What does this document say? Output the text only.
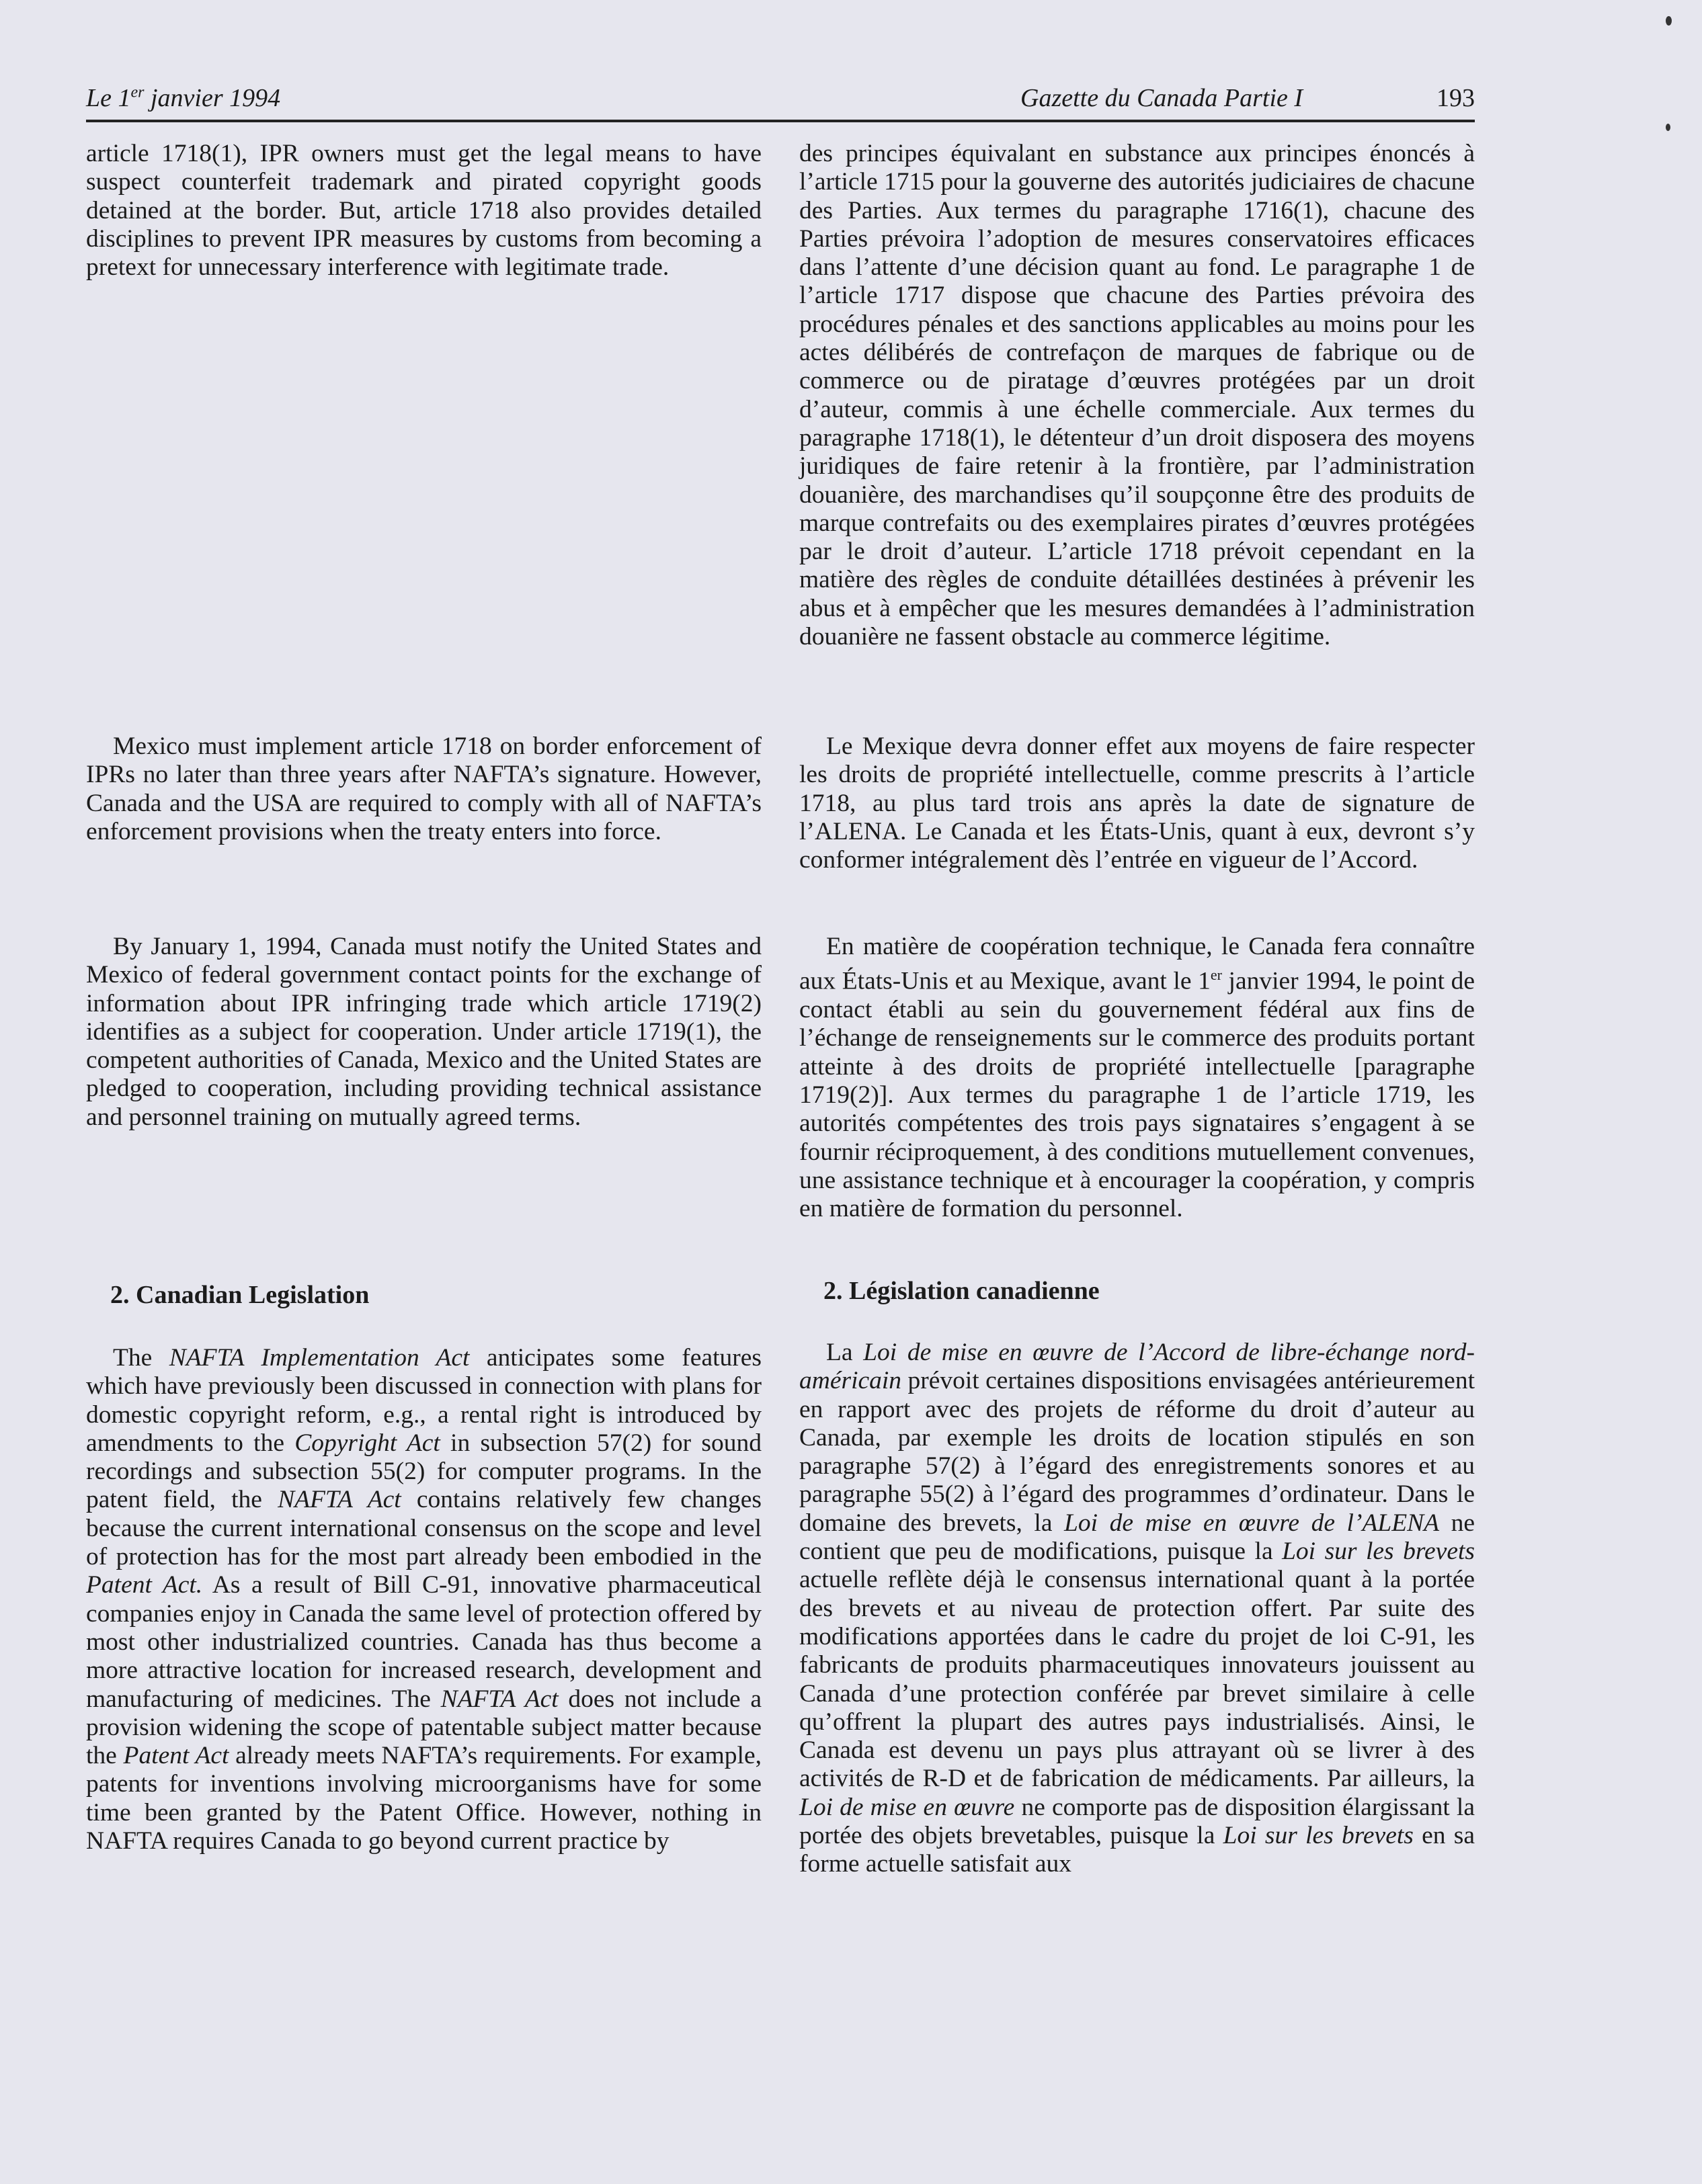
Le 1er janvier 1994	Gazette du Canada Partie I	193

article 1718(1), IPR owners must get the legal means to have suspect counterfeit trademark and pirated copyright goods detained at the border. But, article 1718 also provides detailed disciplines to prevent IPR measures by customs from becoming a pretext for unnecessary interference with legitimate trade.

Mexico must implement article 1718 on border enforcement of IPRs no later than three years after NAFTA’s signature. However, Canada and the USA are required to comply with all of NAFTA’s enforcement provisions when the treaty enters into force.

By January 1, 1994, Canada must notify the United States and Mexico of federal government contact points for the exchange of information about IPR infringing trade which article 1719(2) identifies as a subject for cooperation. Under article 1719(1), the competent authorities of Canada, Mexico and the United States are pledged to cooperation, including providing technical assistance and personnel training on mutually agreed terms.

2. Canadian Legislation

The NAFTA Implementation Act anticipates some features which have previously been discussed in connection with plans for domestic copyright reform, e.g., a rental right is introduced by amendments to the Copyright Act in subsection 57(2) for sound recordings and subsection 55(2) for computer programs. In the patent field, the NAFTA Act contains relatively few changes because the current international consensus on the scope and level of protection has for the most part already been embodied in the Patent Act. As a result of Bill C-91, innovative pharmaceutical companies enjoy in Canada the same level of protection offered by most other industrialized countries. Canada has thus become a more attractive location for increased research, development and manufacturing of medicines. The NAFTA Act does not include a provision widening the scope of patentable subject matter because the Patent Act already meets NAFTA’s requirements. For example, patents for inventions involving microorganisms have for some time been granted by the Patent Office. However, nothing in NAFTA requires Canada to go beyond current practice by

des principes équivalant en substance aux principes énoncés à l’article 1715 pour la gouverne des autorités judiciaires de chacune des Parties. Aux termes du paragraphe 1716(1), chacune des Parties prévoira l’adoption de mesures conservatoires efficaces dans l’attente d’une décision quant au fond. Le paragraphe 1 de l’article 1717 dispose que chacune des Parties prévoira des procédures pénales et des sanctions applicables au moins pour les actes délibérés de contrefaçon de marques de fabrique ou de commerce ou de piratage d’œuvres protégées par un droit d’auteur, commis à une échelle commerciale. Aux termes du paragraphe 1718(1), le détenteur d’un droit disposera des moyens juridiques de faire retenir à la frontière, par l’administration douanière, des marchandises qu’il soupçonne être des produits de marque contrefaits ou des exemplaires pirates d’œuvres protégées par le droit d’auteur. L’article 1718 prévoit cependant en la matière des règles de conduite détaillées destinées à prévenir les abus et à empêcher que les mesures demandées à l’administration douanière ne fassent obstacle au commerce légitime.

Le Mexique devra donner effet aux moyens de faire respecter les droits de propriété intellectuelle, comme prescrits à l’article 1718, au plus tard trois ans après la date de signature de l’ALENA. Le Canada et les États-Unis, quant à eux, devront s’y conformer intégralement dès l’entrée en vigueur de l’Accord.

En matière de coopération technique, le Canada fera connaître aux États-Unis et au Mexique, avant le 1er janvier 1994, le point de contact établi au sein du gouvernement fédéral aux fins de l’échange de renseignements sur le commerce des produits portant atteinte à des droits de propriété intellectuelle [paragraphe 1719(2)]. Aux termes du paragraphe 1 de l’article 1719, les autorités compétentes des trois pays signataires s’engagent à se fournir réciproquement, à des conditions mutuellement convenues, une assistance technique et à encourager la coopération, y compris en matière de formation du personnel.

2. Législation canadienne

La Loi de mise en œuvre de l’Accord de libre-échange nord-américain prévoit certaines dispositions envisagées antérieurement en rapport avec des projets de réforme du droit d’auteur au Canada, par exemple les droits de location stipulés en son paragraphe 57(2) à l’égard des enregistrements sonores et au paragraphe 55(2) à l’égard des programmes d’ordinateur. Dans le domaine des brevets, la Loi de mise en œuvre de l’ALENA ne contient que peu de modifications, puisque la Loi sur les brevets actuelle reflète déjà le consensus international quant à la portée des brevets et au niveau de protection offert. Par suite des modifications apportées dans le cadre du projet de loi C-91, les fabricants de produits pharmaceutiques innovateurs jouissent au Canada d’une protection conférée par brevet similaire à celle qu’offrent la plupart des autres pays industrialisés. Ainsi, le Canada est devenu un pays plus attrayant où se livrer à des activités de R-D et de fabrication de médicaments. Par ailleurs, la Loi de mise en œuvre ne comporte pas de disposition élargissant la portée des objets brevetables, puisque la Loi sur les brevets en sa forme actuelle satisfait aux
